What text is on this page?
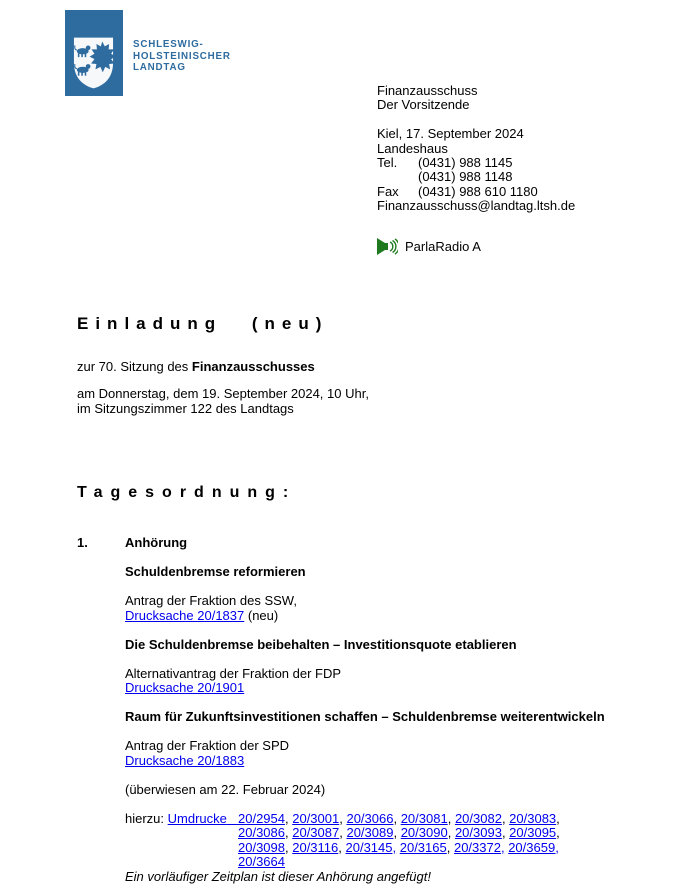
SCHLESWIG-
HOLSTEINISCHER
LANDTAG
Finanzausschuss
Der Vorsitzende
Kiel, 17. September 2024
Landeshaus
Tel.	(0431) 988 1145
(0431) 988 1148
Fax	(0431) 988 610 1180
Finanzausschuss@landtag.ltsh.de
ParlaRadio A
Einladung (neu)
zur 70. Sitzung des Finanzausschusses
am Donnerstag, dem 19. September 2024, 10 Uhr,
im Sitzungszimmer 122 des Landtags
Tagesordnung:
1.	Anhörung
Schuldenbremse reformieren
Antrag der Fraktion des SSW,
Drucksache 20/1837 (neu)
Die Schuldenbremse beibehalten – Investitionsquote etablieren
Alternativantrag der Fraktion der FDP
Drucksache 20/1901
Raum für Zukunftsinvestitionen schaffen – Schuldenbremse weiterentwickeln
Antrag der Fraktion der SPD
Drucksache 20/1883
(überwiesen am 22. Februar 2024)
hierzu: Umdrucke 20/2954, 20/3001, 20/3066, 20/3081, 20/3082, 20/3083,
20/3086, 20/3087, 20/3089, 20/3090, 20/3093, 20/3095,
20/3098, 20/3116, 20/3145, 20/3165, 20/3372, 20/3659,
20/3664
Ein vorläufiger Zeitplan ist dieser Anhörung angefügt!
